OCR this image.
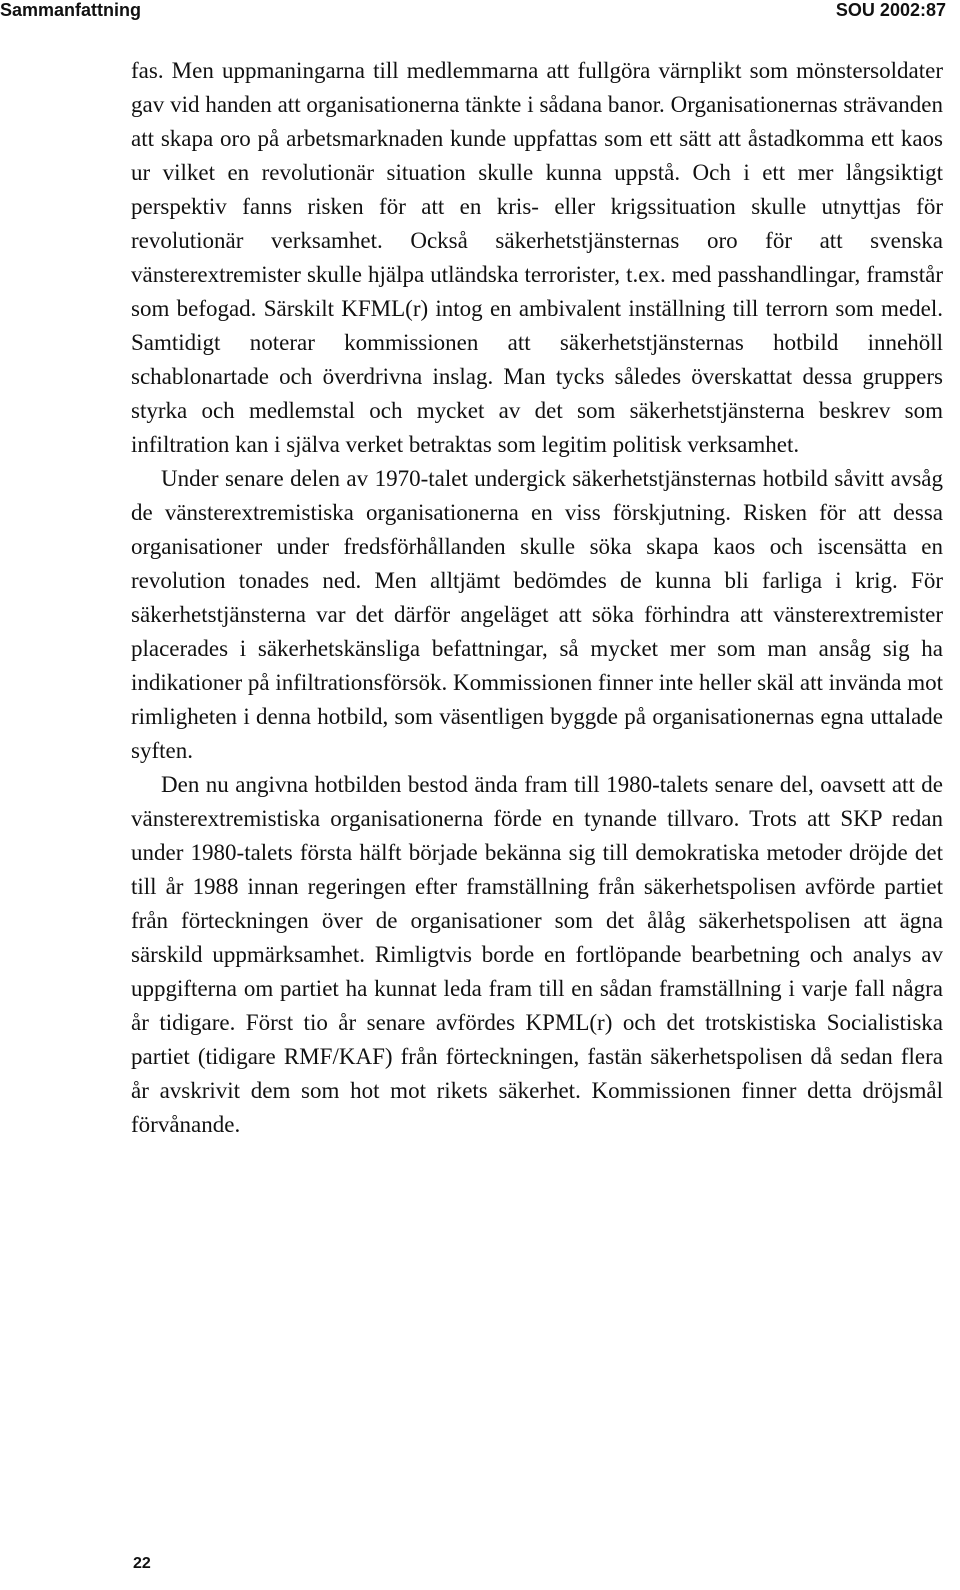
Sammanfattning	SOU 2002:87

fas. Men uppmaningarna till medlemmarna att fullgöra värnplikt som mönstersoldater gav vid handen att organisationerna tänkte i sådana banor. Organisationernas strävanden att skapa oro på arbetsmarknaden kunde uppfattas som ett sätt att åstadkomma ett kaos ur vilket en revolutionär situation skulle kunna uppstå. Och i ett mer långsiktigt perspektiv fanns risken för att en kris- eller krigssituation skulle utnyttjas för revolutionär verksamhet. Också säkerhetstjänsternas oro för att svenska vänsterextremister skulle hjälpa utländska terrorister, t.ex. med passhandlingar, framstår som befogad. Särskilt KFML(r) intog en ambivalent inställning till terrorn som medel. Samtidigt noterar kommissionen att säkerhetstjänsternas hotbild innehöll schablonartade och överdrivna inslag. Man tycks således överskattat dessa gruppers styrka och medlemstal och mycket av det som säkerhetstjänsterna beskrev som infiltration kan i själva verket betraktas som legitim politisk verksamhet.

Under senare delen av 1970-talet undergick säkerhetstjänsternas hotbild såvitt avsåg de vänsterextremistiska organisationerna en viss förskjutning. Risken för att dessa organisationer under fredsförhållanden skulle söka skapa kaos och iscensätta en revolution tonades ned. Men alltjämt bedömdes de kunna bli farliga i krig. För säkerhetstjänsterna var det därför angeläget att söka förhindra att vänsterextremister placerades i säkerhetskänsliga befattningar, så mycket mer som man ansåg sig ha indikationer på infiltrationsförsök. Kommissionen finner inte heller skäl att invända mot rimligheten i denna hotbild, som väsentligen byggde på organisationernas egna uttalade syften.

Den nu angivna hotbilden bestod ända fram till 1980-talets senare del, oavsett att de vänsterextremistiska organisationerna förde en tynande tillvaro. Trots att SKP redan under 1980-talets första hälft började bekänna sig till demokratiska metoder dröjde det till år 1988 innan regeringen efter framställning från säkerhetspolisen avförde partiet från förteckningen över de organisationer som det ålåg säkerhetspolisen att ägna särskild uppmärksamhet. Rimligtvis borde en fortlöpande bearbetning och analys av uppgifterna om partiet ha kunnat leda fram till en sådan framställning i varje fall några år tidigare. Först tio år senare avfördes KPML(r) och det trotskistiska Socialistiska partiet (tidigare RMF/KAF) från förteckningen, fastän säkerhetspolisen då sedan flera år avskrivit dem som hot mot rikets säkerhet. Kommissionen finner detta dröjsmål förvånande.

22
